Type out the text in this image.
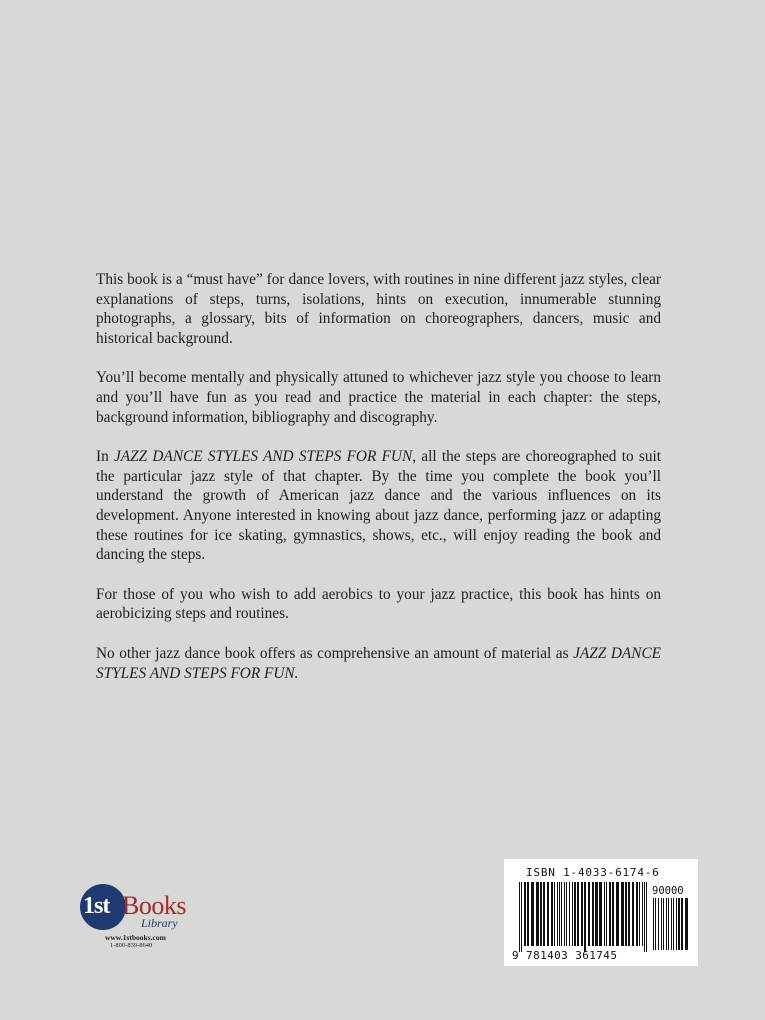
This book is a “must have” for dance lovers, with routines in nine different jazz styles, clear explanations of steps, turns, isolations, hints on execution, innumerable stunning photographs, a glossary, bits of information on choreographers, dancers, music and historical background.

You’ll become mentally and physically attuned to whichever jazz style you choose to learn and you’ll have fun as you read and practice the material in each chapter: the steps, background information, bibliography and discography.

In JAZZ DANCE STYLES AND STEPS FOR FUN, all the steps are choreographed to suit the particular jazz style of that chapter. By the time you complete the book you’ll understand the growth of American jazz dance and the various influences on its development. Anyone interested in knowing about jazz dance, performing jazz or adapting these routines for ice skating, gymnastics, shows, etc., will enjoy reading the book and dancing the steps.

For those of you who wish to add aerobics to your jazz practice, this book has hints on aerobicizing steps and routines.

No other jazz dance book offers as comprehensive an amount of material as JAZZ DANCE STYLES AND STEPS FOR FUN.

1st Books
Library
www.1stbooks.com
1-800-839-8640
ISBN 1-4033-6174-6
90000
9 781403 361745
